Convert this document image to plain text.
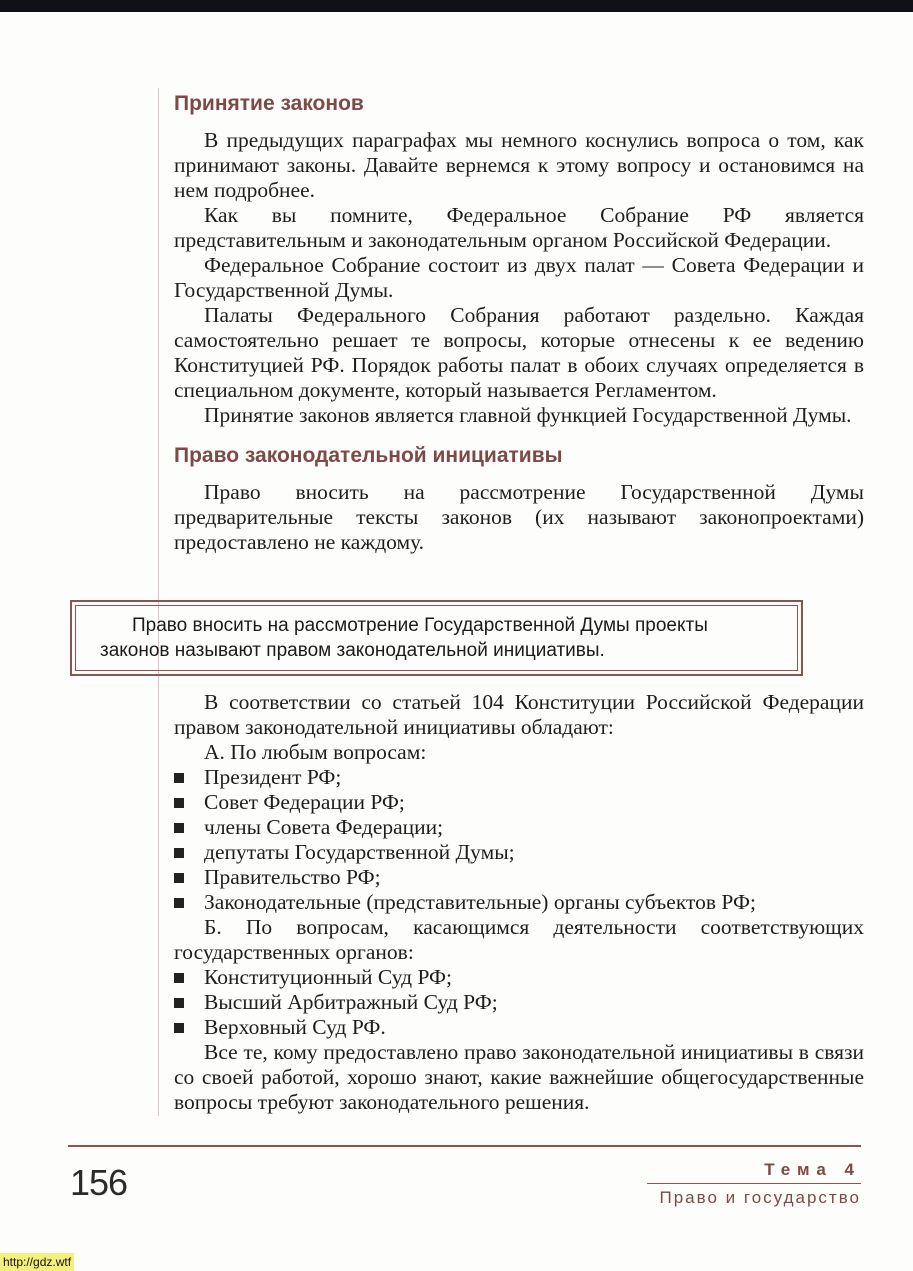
Принятие законов

В предыдущих параграфах мы немного коснулись вопроса о том, как принимают законы. Давайте вернемся к этому вопросу и остановимся на нем подробнее.

Как вы помните, Федеральное Собрание РФ является представительным и законодательным органом Российской Федерации.

Федеральное Собрание состоит из двух палат — Совета Федерации и Государственной Думы.

Палаты Федерального Собрания работают раздельно. Каждая самостоятельно решает те вопросы, которые отнесены к ее ведению Конституцией РФ. Порядок работы палат в обоих случаях определяется в специальном документе, который называется Регламентом.

Принятие законов является главной функцией Государственной Думы.

Право законодательной инициативы

Право вносить на рассмотрение Государственной Думы предварительные тексты законов (их называют законопроектами) предоставлено не каждому.

Право вносить на рассмотрение Государственной Думы проекты
законов называют правом законодательной инициативы.

В соответствии со статьей 104 Конституции Российской Федерации правом законодательной инициативы обладают:

А. По любым вопросам:

Президент РФ;
Совет Федерации РФ;
члены Совета Федерации;
депутаты Государственной Думы;
Правительство РФ;
Законодательные (представительные) органы субъектов РФ;

Б. По вопросам, касающимся деятельности соответствующих государственных органов:

Конституционный Суд РФ;
Высший Арбитражный Суд РФ;
Верховный Суд РФ.

Все те, кому предоставлено право законодательной инициативы в связи со своей работой, хорошо знают, какие важнейшие общегосударственные вопросы требуют законодательного решения.

156	Тема 4
Право и государство
http://gdz.wtf
